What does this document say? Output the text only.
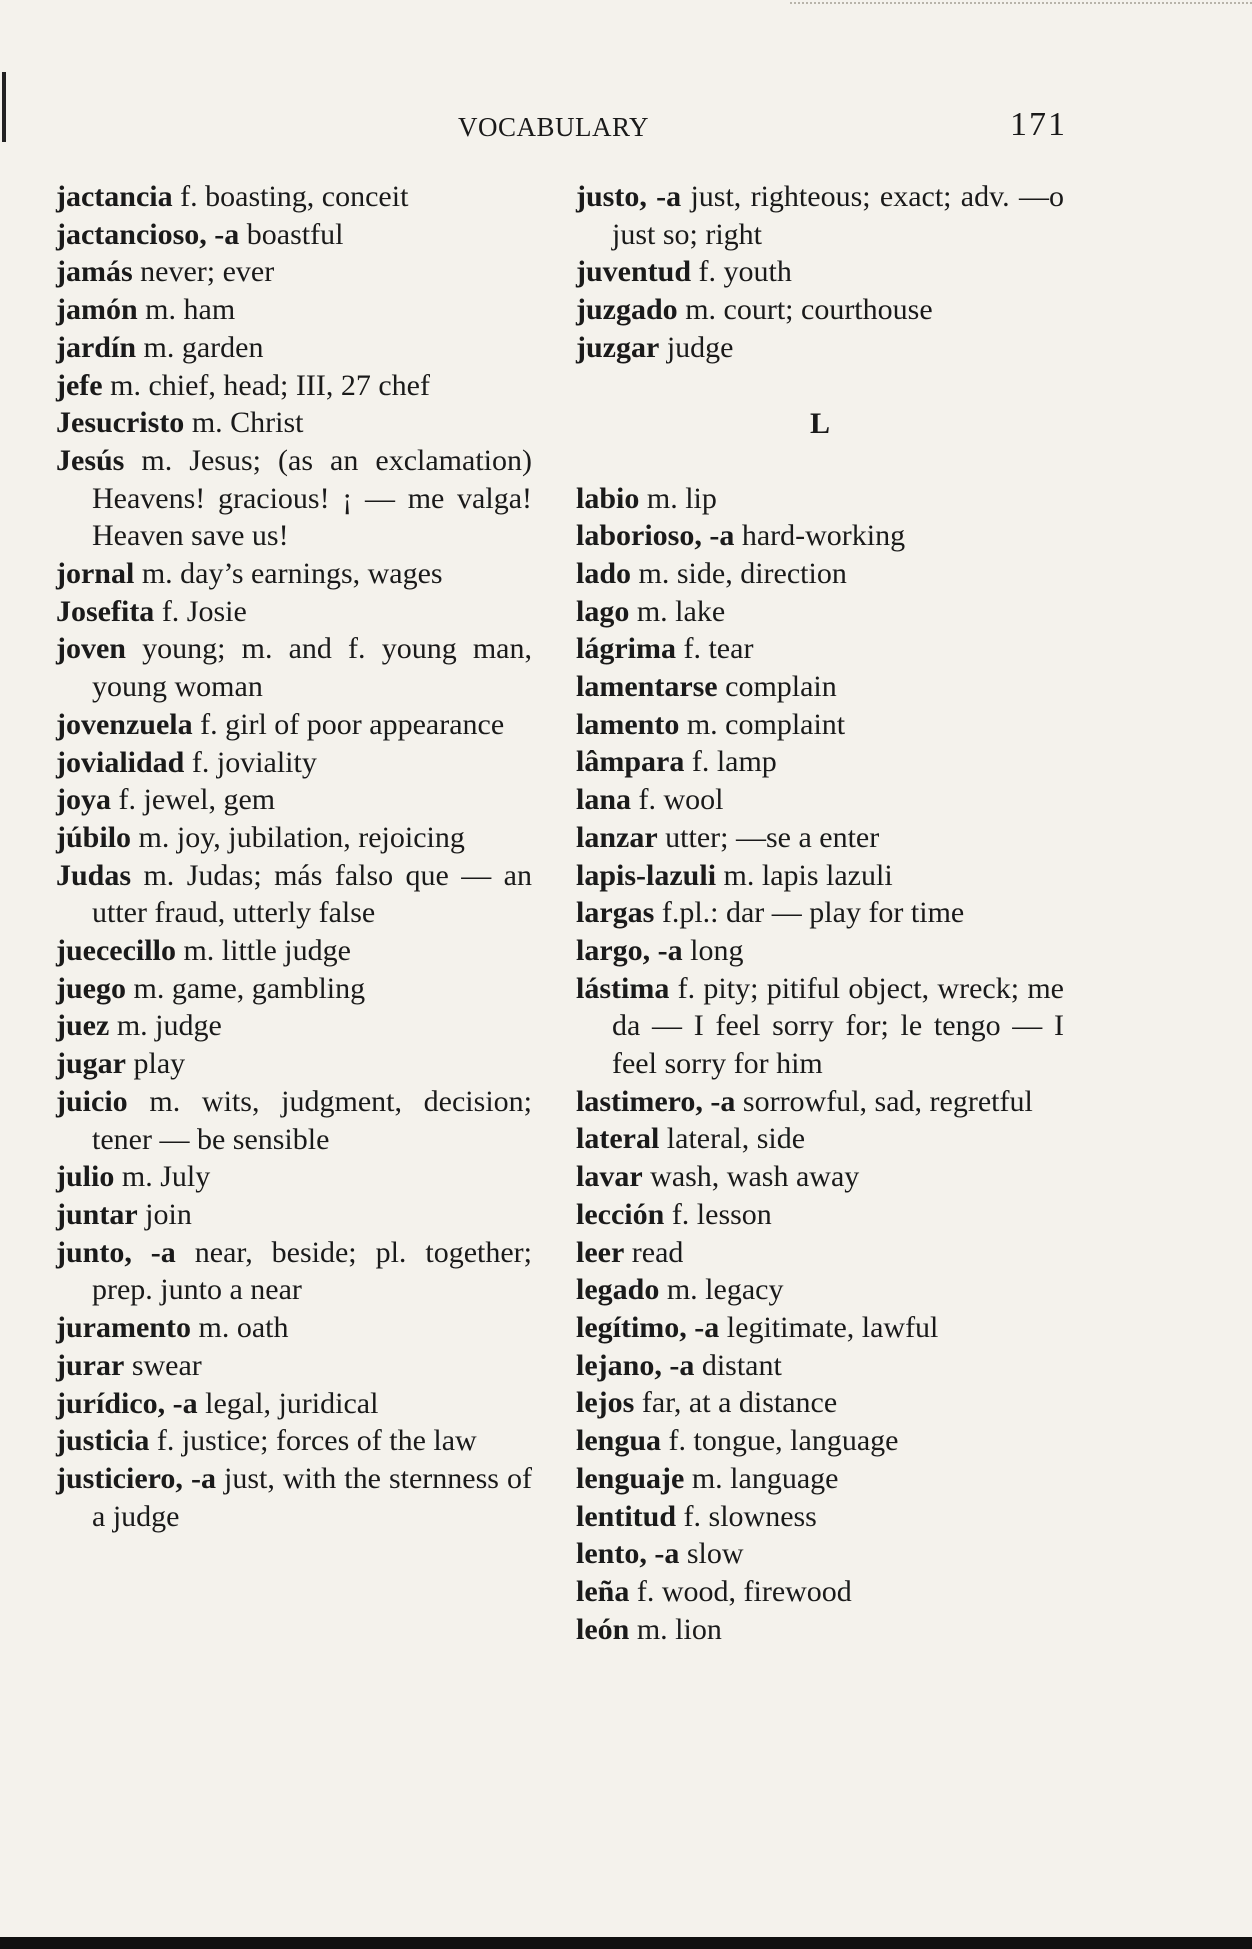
VOCABULARY	171
jactancia f. boasting, conceit
jactancioso, -a boastful
jamás never; ever
jamón m. ham
jardín m. garden
jefe m. chief, head; III, 27 chef
Jesucristo m. Christ
Jesús m. Jesus; (as an exclamation) Heavens! gracious! ¡ — me valga! Heaven save us!
jornal m. day’s earnings, wages
Josefita f. Josie
joven young; m. and f. young man, young woman
jovenzuela f. girl of poor appearance
jovialidad f. joviality
joya f. jewel, gem
júbilo m. joy, jubilation, rejoicing
Judas m. Judas; más falso que — an utter fraud, utterly false
juececillo m. little judge
juego m. game, gambling
juez m. judge
jugar play
juicio m. wits, judgment, decision; tener — be sensible
julio m. July
juntar join
junto, -a near, beside; pl. together; prep. junto a near
juramento m. oath
jurar swear
jurídico, -a legal, juridical
justicia f. justice; forces of the law
justiciero, -a just, with the sternness of a judge
justo, -a just, righteous; exact; adv. —o just so; right
juventud f. youth
juzgado m. court; courthouse
juzgar judge
L
labio m. lip
laborioso, -a hard-working
lado m. side, direction
lago m. lake
lágrima f. tear
lamentarse complain
lamento m. complaint
lâmpara f. lamp
lana f. wool
lanzar utter; —se a enter
lapis-lazuli m. lapis lazuli
largas f.pl.: dar — play for time
largo, -a long
lástima f. pity; pitiful object, wreck; me da — I feel sorry for; le tengo — I feel sorry for him
lastimero, -a sorrowful, sad, regretful
lateral lateral, side
lavar wash, wash away
lección f. lesson
leer read
legado m. legacy
legítimo, -a legitimate, lawful
lejano, -a distant
lejos far, at a distance
lengua f. tongue, language
lenguaje m. language
lentitud f. slowness
lento, -a slow
leña f. wood, firewood
león m. lion
